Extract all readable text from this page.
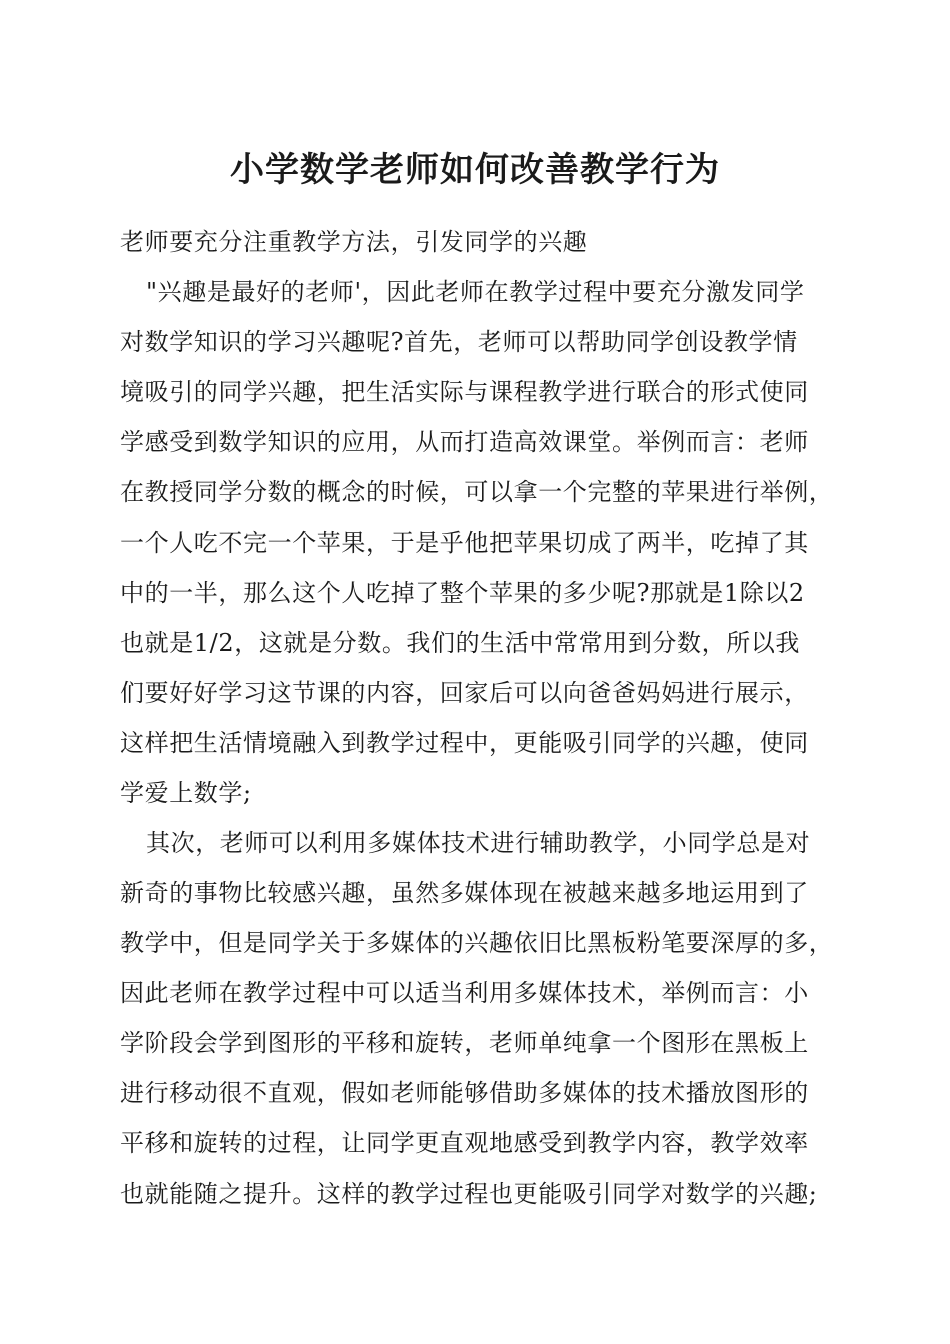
小学数学老师如何改善教学行为

老师要充分注重教学方法，引发同学的兴趣

"兴趣是最好的老师'，因此老师在教学过程中要充分激发同学

对数学知识的学习兴趣呢?首先，老师可以帮助同学创设教学情

境吸引的同学兴趣，把生活实际与课程教学进行联合的形式使同

学感受到数学知识的应用，从而打造高效课堂。举例而言：老师

在教授同学分数的概念的时候，可以拿一个完整的苹果进行举例，

一个人吃不完一个苹果，于是乎他把苹果切成了两半，吃掉了其

中的一半，那么这个人吃掉了整个苹果的多少呢?那就是1除以2

也就是1/2，这就是分数。我们的生活中常常用到分数，所以我

们要好好学习这节课的内容，回家后可以向爸爸妈妈进行展示，

这样把生活情境融入到教学过程中，更能吸引同学的兴趣，使同

学爱上数学;

其次，老师可以利用多媒体技术进行辅助教学，小同学总是对

新奇的事物比较感兴趣，虽然多媒体现在被越来越多地运用到了

教学中，但是同学关于多媒体的兴趣依旧比黑板粉笔要深厚的多，

因此老师在教学过程中可以适当利用多媒体技术，举例而言：小

学阶段会学到图形的平移和旋转，老师单纯拿一个图形在黑板上

进行移动很不直观，假如老师能够借助多媒体的技术播放图形的

平移和旋转的过程，让同学更直观地感受到教学内容，教学效率

也就能随之提升。这样的教学过程也更能吸引同学对数学的兴趣;
